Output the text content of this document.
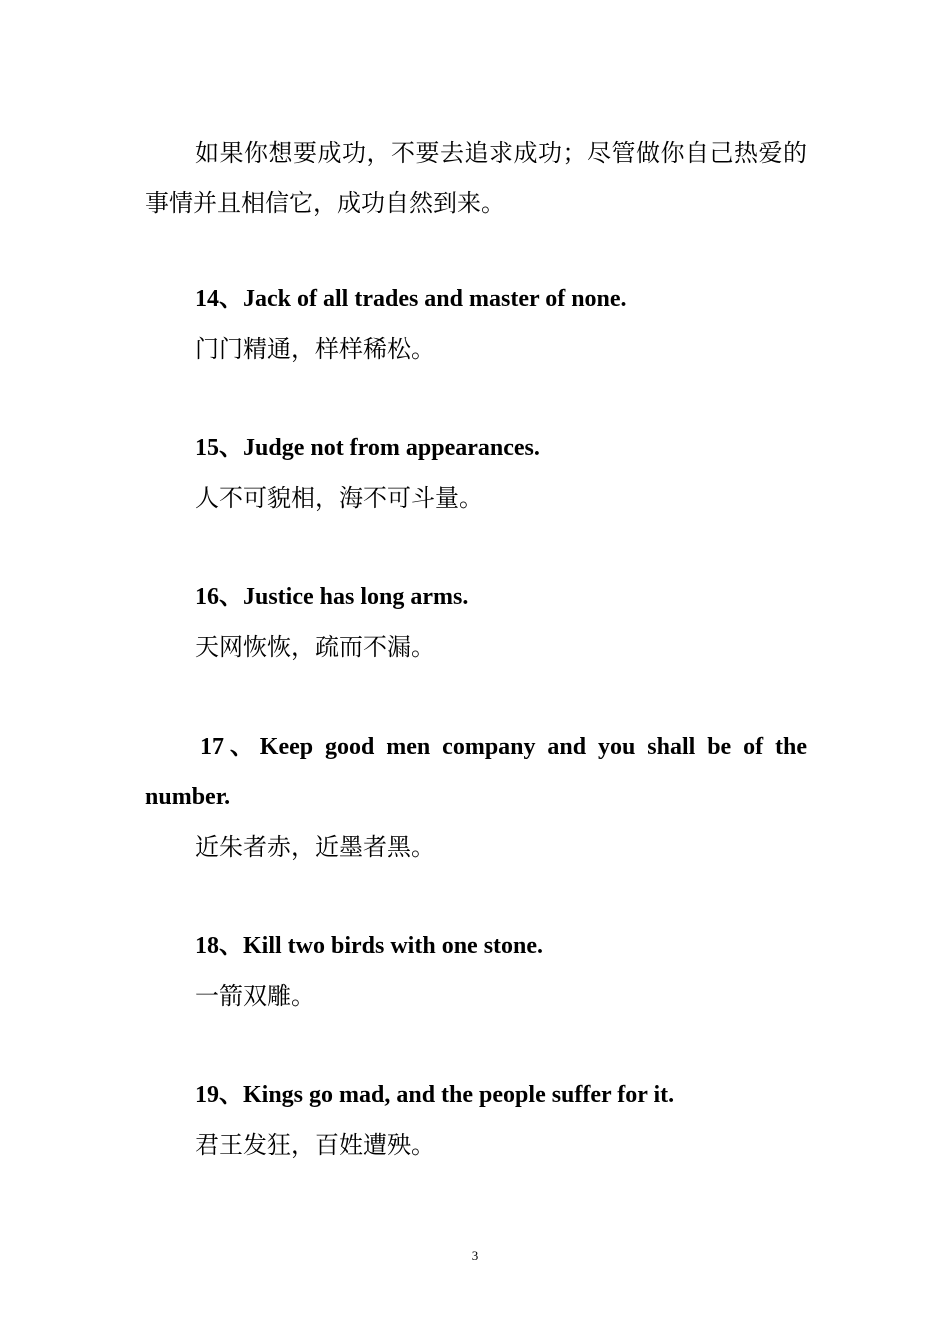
如果你想要成功，不要去追求成功；尽管做你自己热爱的事情并且相信它，成功自然到来。

14、Jack of all trades and master of none.

门门精通，样样稀松。

15、Judge not from appearances.

人不可貌相，海不可斗量。

16、Justice has long arms.

天网恢恢，疏而不漏。

17、Keep good men company and you shall be of the number.

近朱者赤，近墨者黑。

18、Kill two birds with one stone.

一箭双雕。

19、Kings go mad, and the people suffer for it.

君王发狂，百姓遭殃。

3
